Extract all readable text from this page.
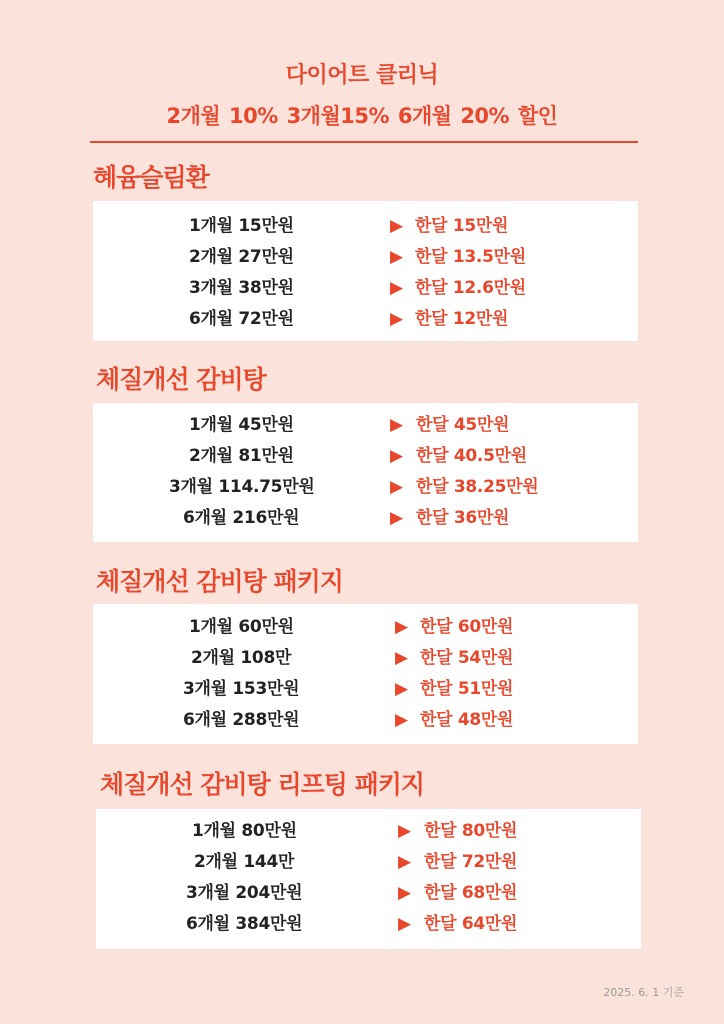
다이어트 클리닉
2개월 10% 3개월15% 6개월 20% 할인
혜윰슬림환
1개월 15만원	▶ 한달 15만원
2개월 27만원	▶ 한달 13.5만원
3개월 38만원	▶ 한달 12.6만원
6개월 72만원	▶ 한달 12만원
체질개선 감비탕
1개월 45만원	▶ 한달 45만원
2개월 81만원	▶ 한달 40.5만원
3개월 114.75만원	▶ 한달 38.25만원
6개월 216만원	▶ 한달 36만원
체질개선 감비탕 패키지
1개월 60만원	▶ 한달 60만원
2개월 108만	▶ 한달 54만원
3개월 153만원	▶ 한달 51만원
6개월 288만원	▶ 한달 48만원
체질개선 감비탕 리프팅 패키지
1개월 80만원	▶ 한달 80만원
2개월 144만	▶ 한달 72만원
3개월 204만원	▶ 한달 68만원
6개월 384만원	▶ 한달 64만원
2025. 6. 1 기준
